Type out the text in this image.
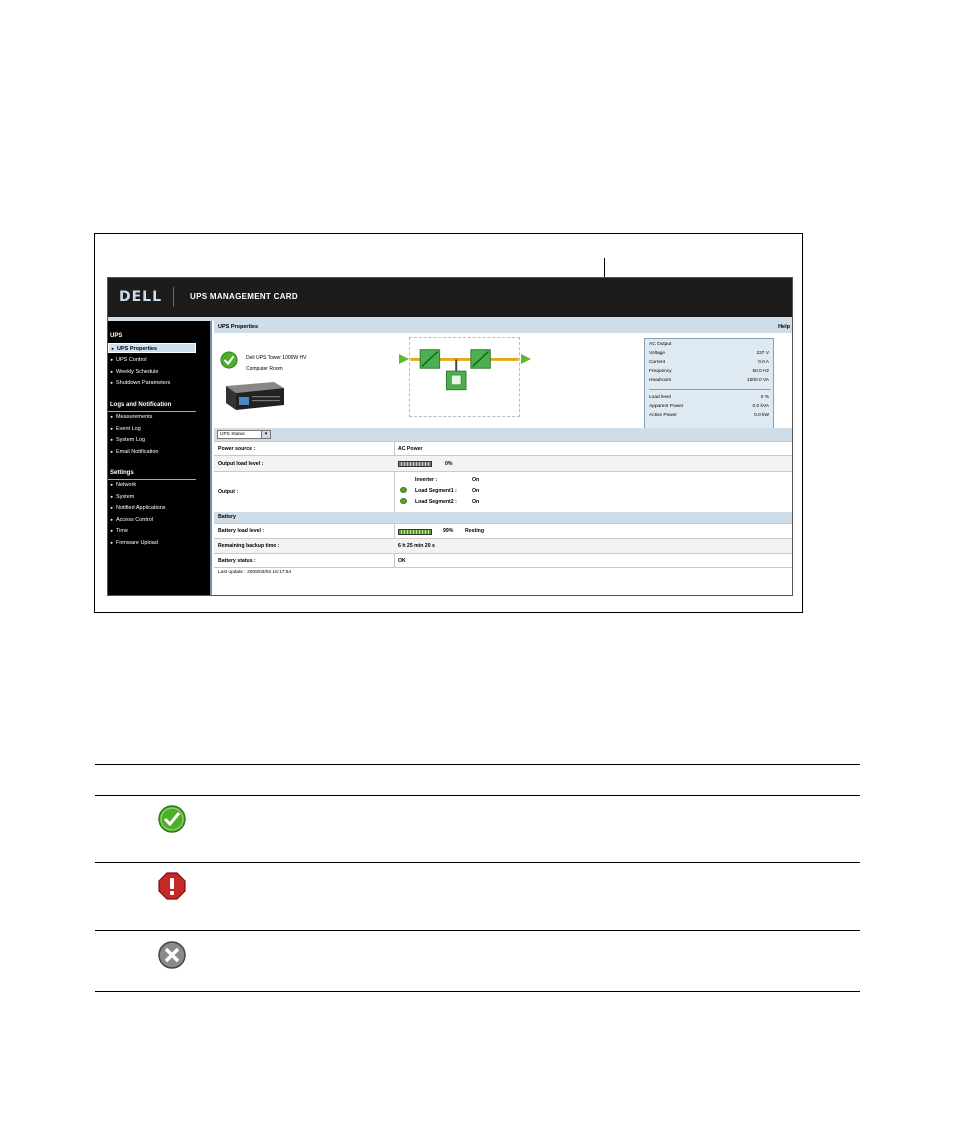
DELL	UPS MANAGEMENT CARD
UPS
► UPS Properties
► UPS Control
► Weekly Schedule
► Shutdown Parameters
Logs and Notification
► Measurements
► Event Log
► System Log
► Email Notification
Settings
► Network
► System
► Notified Applications
► Access Control
► Time
► Firmware Upload
UPS Properties	Help
Dell UPS Tower 1000W HV
Computer Room
AC Output
Voltage	237 V
Current	0.0 A
Frequency	50.0 Hz
Headroom	1000.0 VA
Load level	0 %
Apparent Power	0.0 kVA
Active Power	0.0 kW
UPS Status	▾
Power source :	AC Power
Output load level :	0%
Output :
Inverter :	On
Load Segment1 :	On
Load Segment2 :	On
Battery
Battery load level :	99% Resting
Remaining backup time :	6 h 25 min 20 s
Battery status :	OK
Last update : 2009/03/03 16:17:54
